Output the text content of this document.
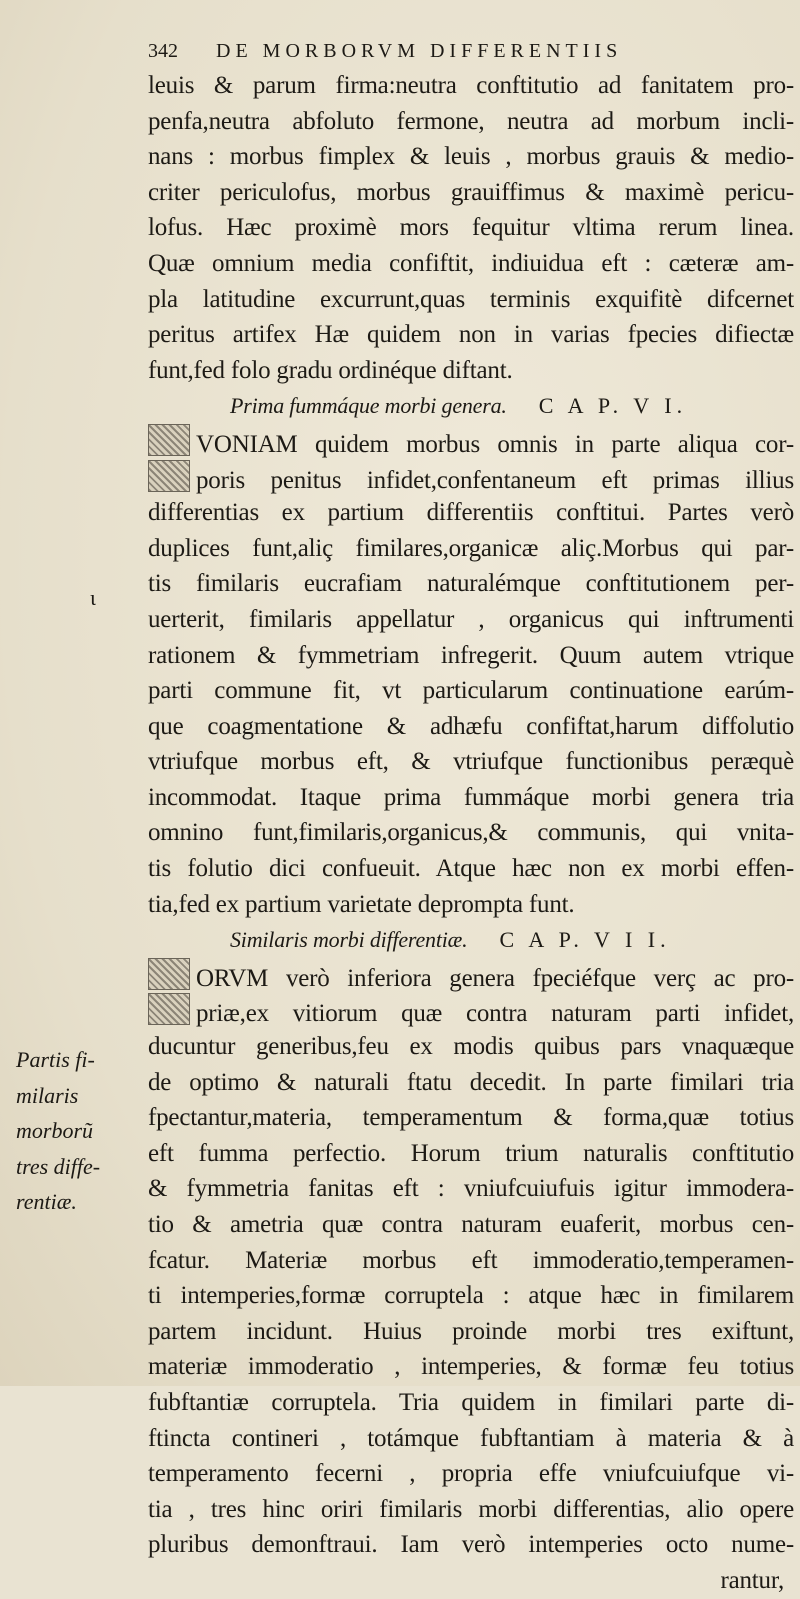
342 DE MORBORVM DIFFERENTIIS
leuis & parum firma:neutra conftitutio ad fanitatem pro-
penfa,neutra abfoluto fermone, neutra ad morbum incli-
nans : morbus fimplex & leuis , morbus grauis & medio-
criter periculofus, morbus grauiffimus & maximè pericu-
lofus. Hæc proximè mors fequitur vltima rerum linea.
Quæ omnium media confiftit, indiuidua eft : cæteræ am-
pla latitudine excurrunt,quas terminis exquifitè difcernet
peritus artifex Hæ quidem non in varias fpecies difiectæ
funt,fed folo gradu ordinéque diftant.
Prima fummáque morbi genera. C A P. V I.
VONIAM quidem morbus omnis in parte aliqua cor-
poris penitus infidet,confentaneum eft primas illius
differentias ex partium differentiis conftitui. Partes verò
duplices funt,aliç fimilares,organicæ aliç.Morbus qui par-
tis fimilaris eucrafiam naturalémque conftitutionem per-
uerterit, fimilaris appellatur , organicus qui inftrumenti
rationem & fymmetriam infregerit. Quum autem vtrique
parti commune fit, vt particularum continuatione earúm-
que coagmentatione & adhæfu confiftat,harum diffolutio
vtriufque morbus eft, & vtriufque functionibus peræquè
incommodat. Itaque prima fummáque morbi genera tria
omnino funt,fimilaris,organicus,& communis, qui vnita-
tis folutio dici confueuit. Atque hæc non ex morbi effen-
tia,fed ex partium varietate deprompta funt.
Similaris morbi differentiæ. C A P. V I I.
ORVM verò inferiora genera fpeciéfque verç ac pro-
priæ,ex vitiorum quæ contra naturam parti infidet,
ducuntur generibus,feu ex modis quibus pars vnaquæque
de optimo & naturali ftatu decedit. In parte fimilari tria
fpectantur,materia, temperamentum & forma,quæ totius
eft fumma perfectio. Horum trium naturalis conftitutio
& fymmetria fanitas eft : vniufcuiufuis igitur immodera-
tio & ametria quæ contra naturam euaferit, morbus cen-
fcatur. Materiæ morbus eft immoderatio,temperamen-
ti intemperies,formæ corruptela : atque hæc in fimilarem
partem incidunt. Huius proinde morbi tres exiftunt,
materiæ immoderatio , intemperies, & formæ feu totius
fubftantiæ corruptela. Tria quidem in fimilari parte di-
ftincta contineri , totámque fubftantiam à materia & à
temperamento fecerni , propria effe vniufcuiufque vi-
tia , tres hinc oriri fimilaris morbi differentias, alio opere
pluribus demonftraui. Iam verò intemperies octo nume-
rantur,
ι
Partis fi-
milaris
morborũ
tres diffe-
rentiæ.
